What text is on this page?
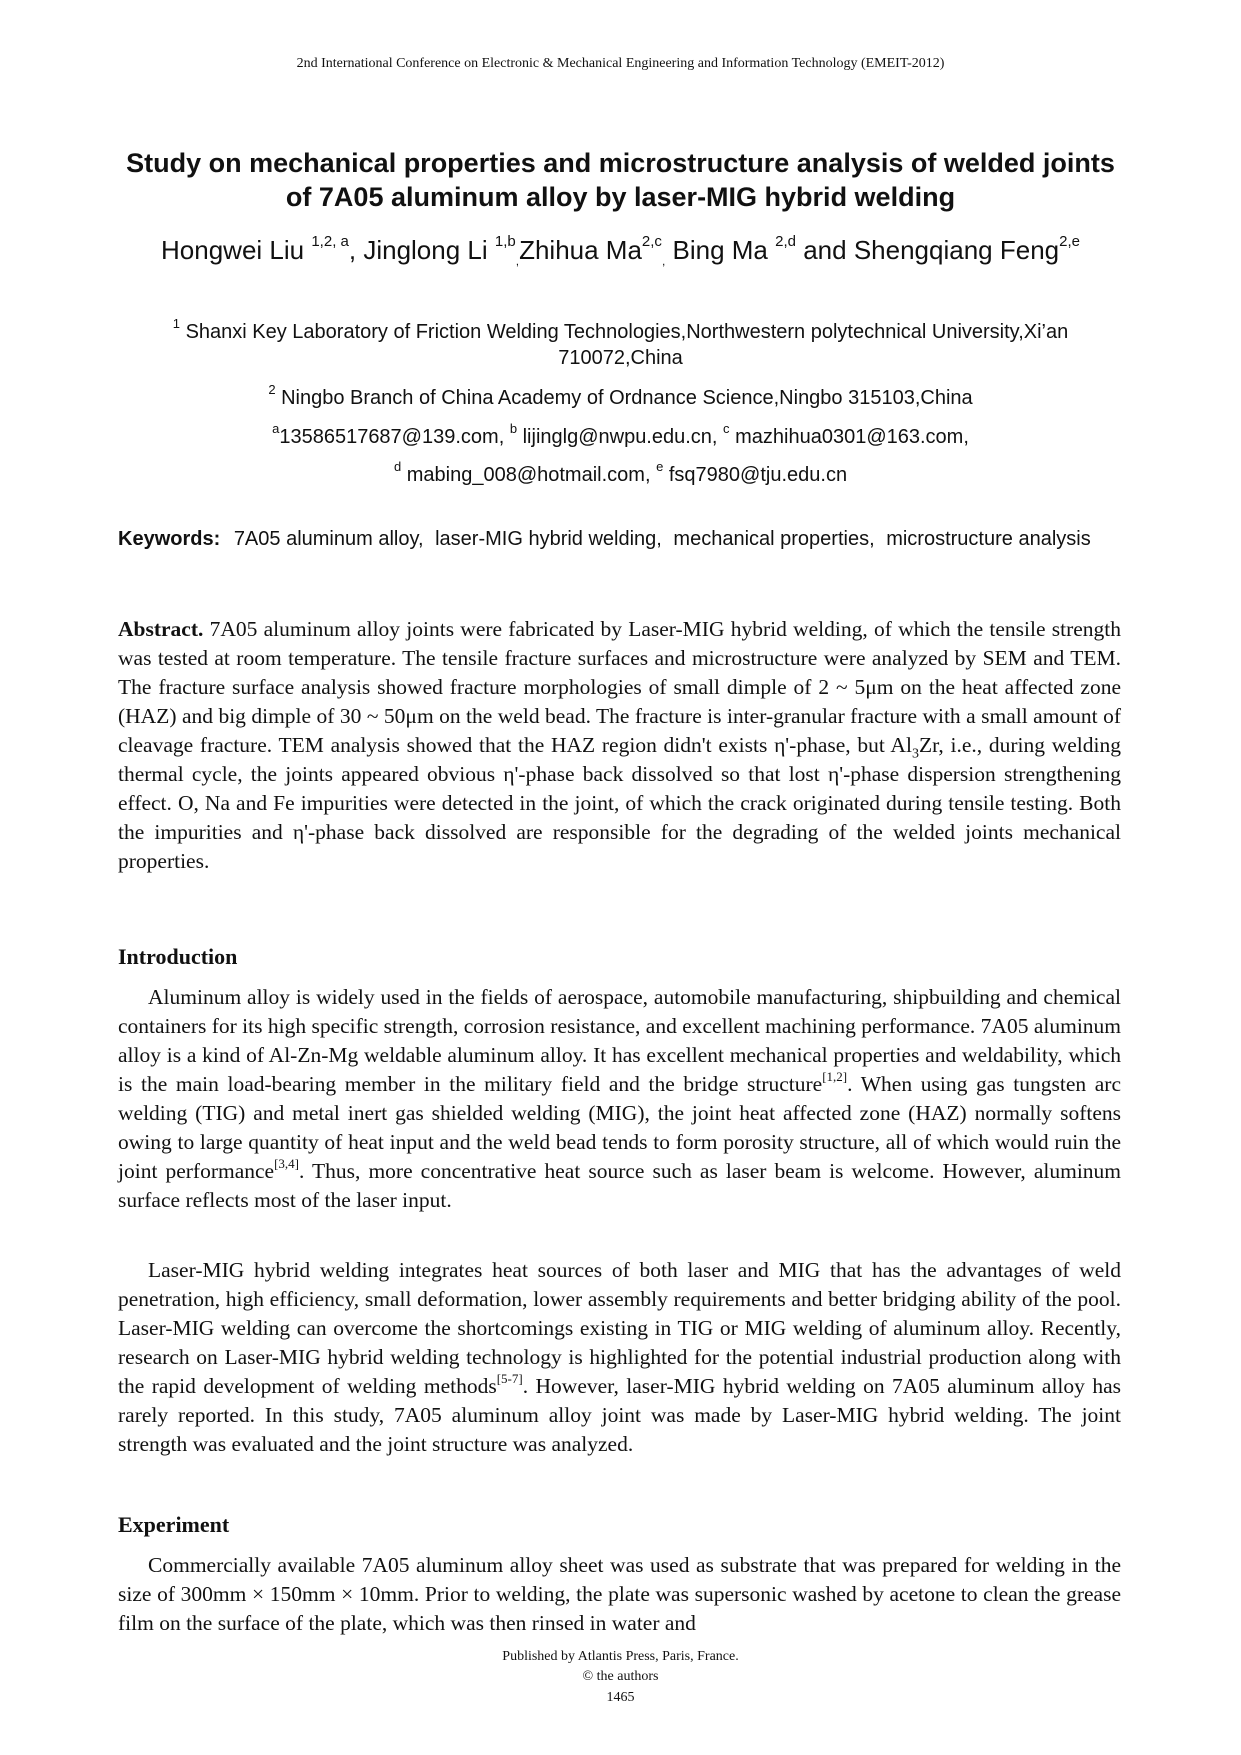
2nd International Conference on Electronic & Mechanical Engineering and Information Technology (EMEIT-2012)
Study on mechanical properties and microstructure analysis of welded joints of 7A05 aluminum alloy by laser-MIG hybrid welding
Hongwei Liu $^{1,2, a}$, Jinglong Li $^{1,b}_,$Zhihua Ma$^{2,c}_,$ Bing Ma $^{2,d}$ and Shengqiang Feng$^{2,e}$
$^1$ Shanxi Key Laboratory of Friction Welding Technologies,Northwestern polytechnical University,Xi’an 710072,China
$^2$ Ningbo Branch of China Academy of Ordnance Science,Ningbo 315103,China
$^a$13586517687@139.com, $^b$ lijinglg@nwpu.edu.cn, $^c$ mazhihua0301@163.com,
$^d$ mabing_008@hotmail.com, $^e$ fsq7980@tju.edu.cn
Keywords: 7A05 aluminum alloy, laser-MIG hybrid welding, mechanical properties, microstructure analysis
Abstract. 7A05 aluminum alloy joints were fabricated by Laser-MIG hybrid welding, of which the tensile strength was tested at room temperature. The tensile fracture surfaces and microstructure were analyzed by SEM and TEM. The fracture surface analysis showed fracture morphologies of small dimple of 2 ~ 5μm on the heat affected zone (HAZ) and big dimple of 30 ~ 50μm on the weld bead. The fracture is inter-granular fracture with a small amount of cleavage fracture. TEM analysis showed that the HAZ region didn't exists η'-phase, but $Al_3Zr$, i.e., during welding thermal cycle, the joints appeared obvious η'-phase back dissolved so that lost η'-phase dispersion strengthening effect. O, Na and Fe impurities were detected in the joint, of which the crack originated during tensile testing. Both the impurities and η'-phase back dissolved are responsible for the degrading of the welded joints mechanical properties.
Introduction
Aluminum alloy is widely used in the fields of aerospace, automobile manufacturing, shipbuilding and chemical containers for its high specific strength, corrosion resistance, and excellent machining performance. 7A05 aluminum alloy is a kind of Al-Zn-Mg weldable aluminum alloy. It has excellent mechanical properties and weldability, which is the main load-bearing member in the military field and the bridge structure[1,2]. When using gas tungsten arc welding (TIG) and metal inert gas shielded welding (MIG), the joint heat affected zone (HAZ) normally softens owing to large quantity of heat input and the weld bead tends to form porosity structure, all of which would ruin the joint performance[3,4]. Thus, more concentrative heat source such as laser beam is welcome. However, aluminum surface reflects most of the laser input.
Laser-MIG hybrid welding integrates heat sources of both laser and MIG that has the advantages of weld penetration, high efficiency, small deformation, lower assembly requirements and better bridging ability of the pool. Laser-MIG welding can overcome the shortcomings existing in TIG or MIG welding of aluminum alloy. Recently, research on Laser-MIG hybrid welding technology is highlighted for the potential industrial production along with the rapid development of welding methods[5-7]. However, laser-MIG hybrid welding on 7A05 aluminum alloy has rarely reported. In this study, 7A05 aluminum alloy joint was made by Laser-MIG hybrid welding. The joint strength was evaluated and the joint structure was analyzed.
Experiment
Commercially available 7A05 aluminum alloy sheet was used as substrate that was prepared for welding in the size of 300mm × 150mm × 10mm. Prior to welding, the plate was supersonic washed by acetone to clean the grease film on the surface of the plate, which was then rinsed in water and
Published by Atlantis Press, Paris, France.
© the authors
1465
